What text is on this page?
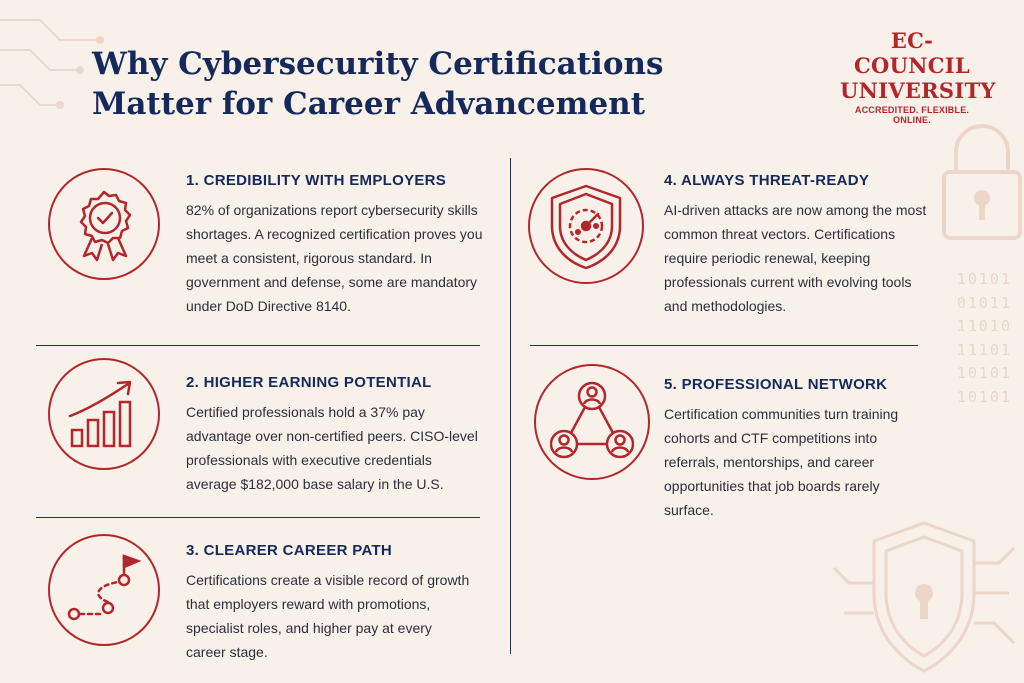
10101
01011
11010
11101
10101
10101
Why Cybersecurity Certifications
Matter for Career Advancement
EC-COUNCIL
UNIVERSITY
ACCREDITED. FLEXIBLE. ONLINE.
1. CREDIBILITY WITH EMPLOYERS

82% of organizations report cybersecurity skills shortages. A recognized certification proves you meet a consistent, rigorous standard. In government and defense, some are mandatory under DoD Directive 8140.

2. HIGHER EARNING POTENTIAL

Certified professionals hold a 37% pay advantage over non-certified peers. CISO-level professionals with executive credentials average $182,000 base salary in the U.S.

3. CLEARER CAREER PATH

Certifications create a visible record of growth that employers reward with promotions, specialist roles, and higher pay at every career stage.

4. ALWAYS THREAT-READY

AI-driven attacks are now among the most common threat vectors. Certifications require periodic renewal, keeping professionals current with evolving tools and methodologies.

5. PROFESSIONAL NETWORK

Certification communities turn training cohorts and CTF competitions into referrals, mentorships, and career opportunities that job boards rarely surface.
